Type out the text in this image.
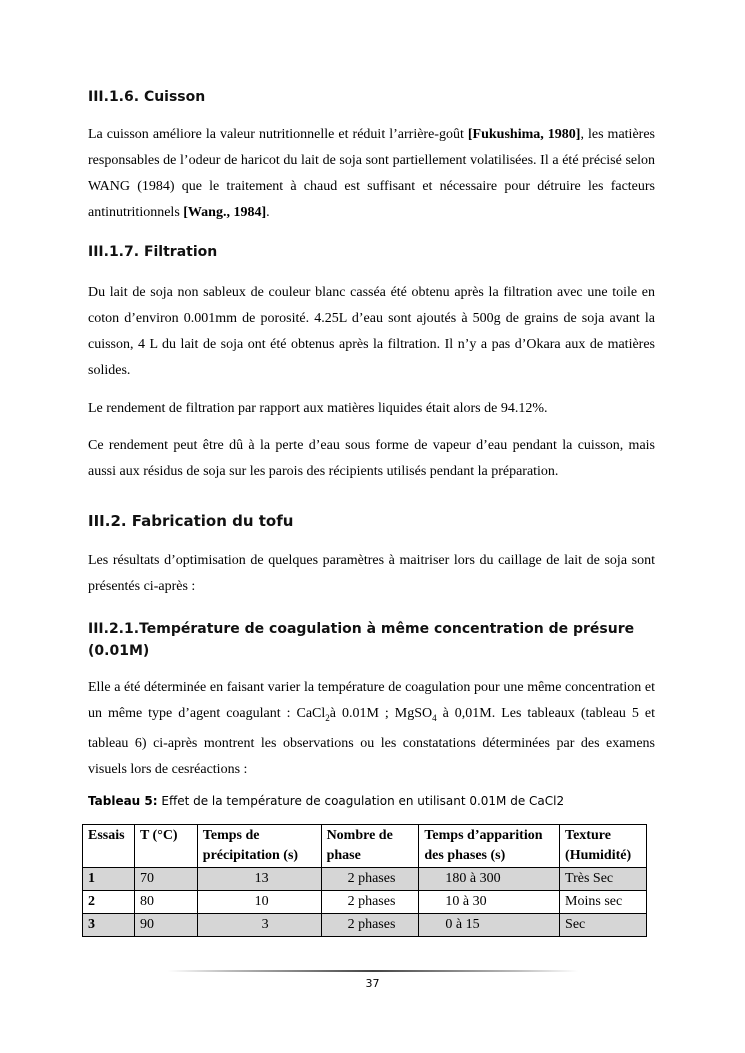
III.1.6. Cuisson

La cuisson améliore la valeur nutritionnelle et réduit l’arrière-goût [Fukushima, 1980], les matières responsables de l’odeur de haricot du lait de soja sont partiellement volatilisées. Il a été précisé selon WANG (1984) que le traitement à chaud est suffisant et nécessaire pour détruire les facteurs antinutritionnels [Wang., 1984].

III.1.7. Filtration

Du lait de soja non sableux de couleur blanc casséa été obtenu après la filtration avec une toile en coton d’environ 0.001mm de porosité. 4.25L d’eau sont ajoutés à 500g de grains de soja avant la cuisson, 4 L du lait de soja ont été obtenus après la filtration. Il n’y a pas d’Okara aux de matières solides.

Le rendement de filtration par rapport aux matières liquides était alors de 94.12%.

Ce rendement peut être dû à la perte d’eau sous forme de vapeur d’eau pendant la cuisson, mais aussi aux résidus de soja sur les parois des récipients utilisés pendant la préparation.

III.2. Fabrication du tofu

Les résultats d’optimisation de quelques paramètres à maitriser lors du caillage de lait de soja sont présentés ci-après :

III.2.1.Température de coagulation à même concentration de présure
(0.01M)

Elle a été déterminée en faisant varier la température de coagulation pour une même concentration et un même type d’agent coagulant : CaCl$_2$à 0.01M ; MgSO$_4$ à 0,01M. Les tableaux (tableau 5 et tableau 6) ci-après montrent les observations ou les constatations déterminées par des examens visuels lors de cesréactions :

Tableau 5: Effet de la température de coagulation en utilisant 0.01M de CaCl2
Essais	T (°C)	Temps de précipitation (s)	Nombre de phase	Temps d’apparition des phases (s)	Texture (Humidité)
1	70	13	2 phases	180 à 300	Très Sec
2	80	10	2 phases	10 à 30	Moins sec
3	90	3	2 phases	0 à 15	Sec
37
